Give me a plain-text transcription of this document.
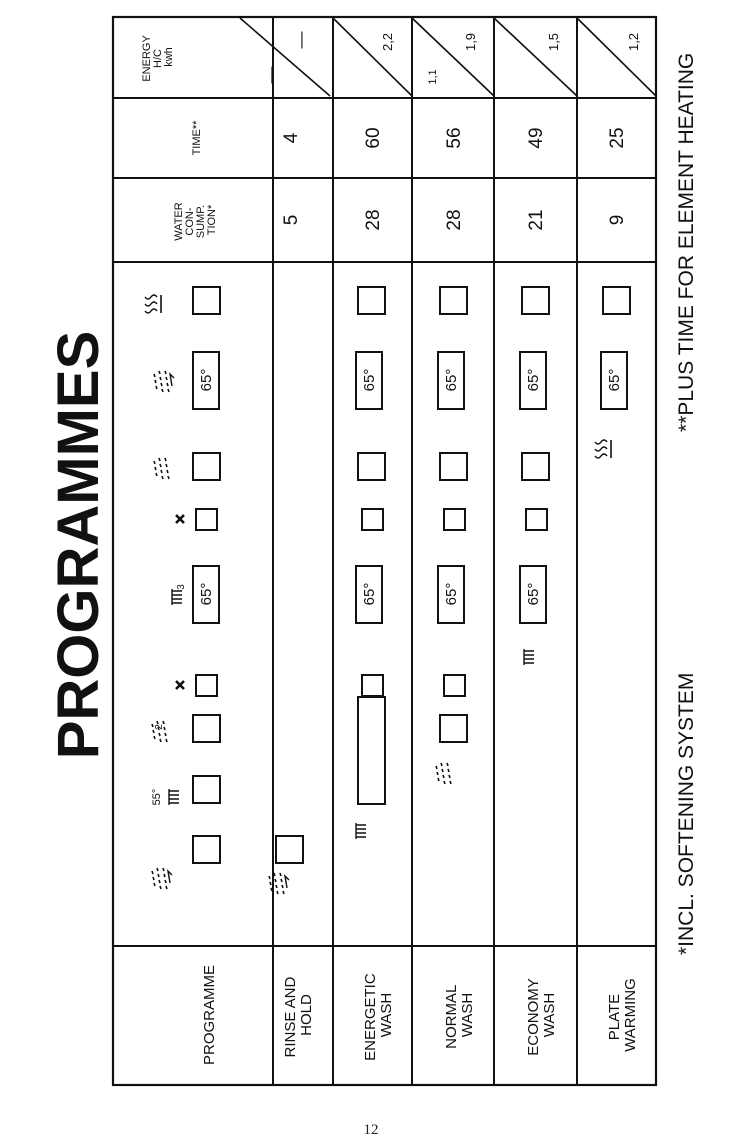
PROGRAMMES
*INCL. SOFTENING SYSTEM
**PLUS TIME FOR ELEMENT HEATING
PROGRAMME
WATER CON- SUMP. TION*
TIME**
ENERGY H/C kwh
55°
2
3 65°
65°
RINSE AND HOLD
5
4
—
—
ENERGETIC WASH
65°
65°
28
60
2,2
NORMAL WASH
65°
65°
28
56
1,1
1,9
ECONOMY WASH
65°
65°
21
49
1,5
PLATE WARMING
65°
9
25
1,2
12
